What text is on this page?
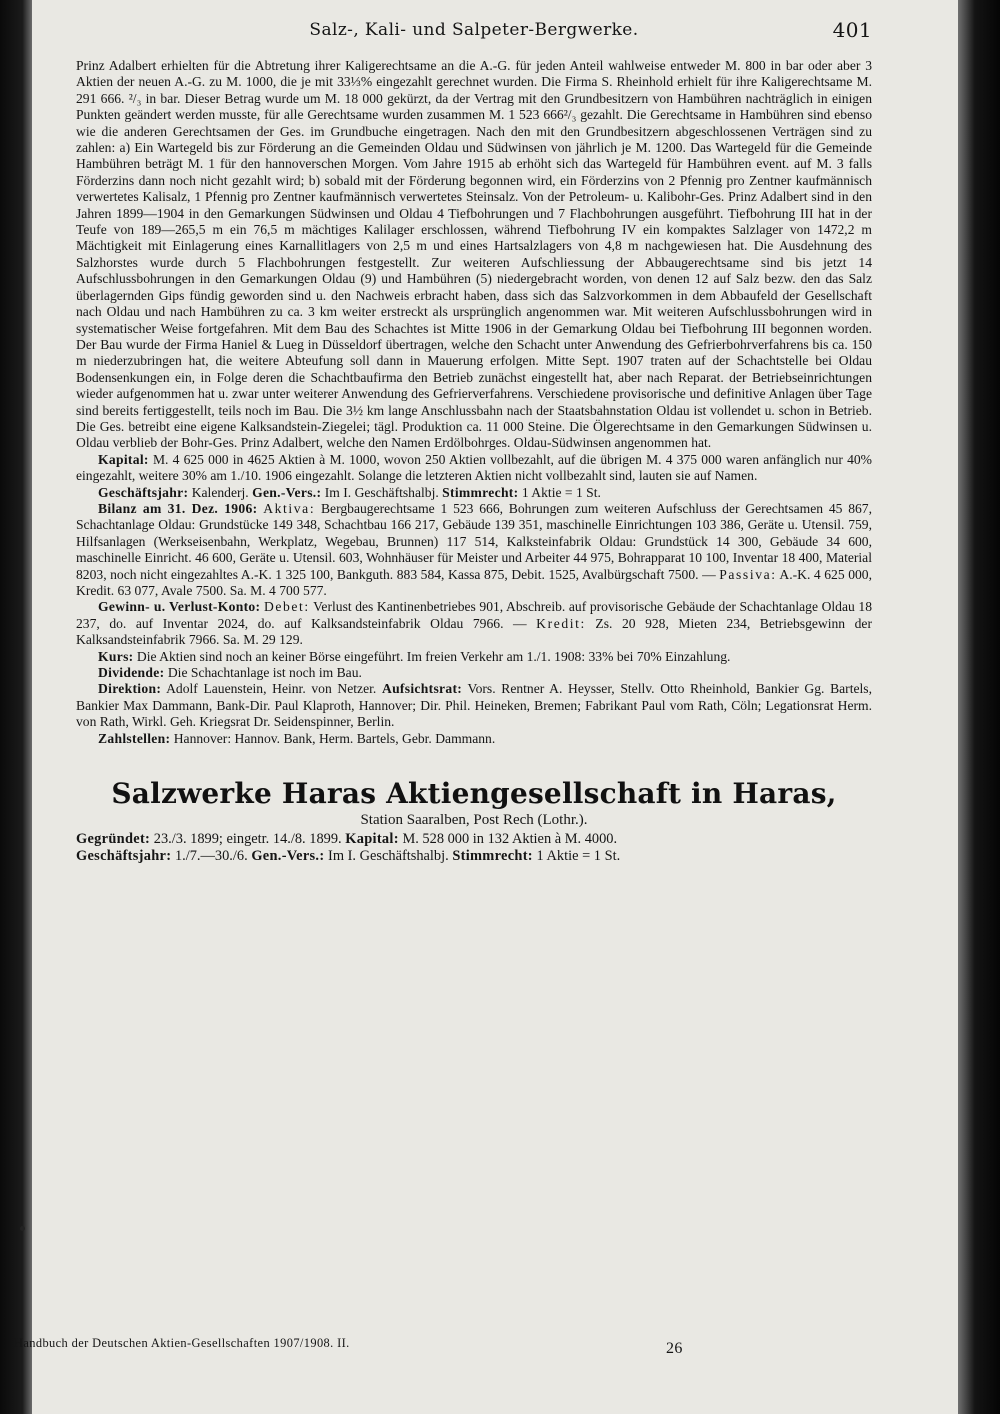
Salz-, Kali- und Salpeter-Bergwerke.	401

Prinz Adalbert erhielten für die Abtretung ihrer Kaligerechtsame an die A.-G. für jeden Anteil wahlweise entweder M. 800 in bar oder aber 3 Aktien der neuen A.-G. zu M. 1000, die je mit 33⅓% eingezahlt gerechnet wurden. Die Firma S. Rheinhold erhielt für ihre Kaligerechtsame M. 291 666. ²/₃ in bar. Dieser Betrag wurde um M. 18 000 gekürzt, da der Vertrag mit den Grundbesitzern von Hambühren nachträglich in einigen Punkten geändert werden musste, für alle Gerechtsame wurden zusammen M. 1 523 666²/₃ gezahlt. Die Gerechtsame in Hambühren sind ebenso wie die anderen Gerechtsamen der Ges. im Grundbuche eingetragen. Nach den mit den Grundbesitzern abgeschlossenen Verträgen sind zu zahlen: a) Ein Wartegeld bis zur Förderung an die Gemeinden Oldau und Südwinsen von jährlich je M. 1200. Das Wartegeld für die Gemeinde Hambühren beträgt M. 1 für den hannoverschen Morgen. Vom Jahre 1915 ab erhöht sich das Wartegeld für Hambühren event. auf M. 3 falls Förderzins dann noch nicht gezahlt wird; b) sobald mit der Förderung begonnen wird, ein Förderzins von 2 Pfennig pro Zentner kaufmännisch verwertetes Kalisalz, 1 Pfennig pro Zentner kaufmännisch verwertetes Steinsalz. Von der Petroleum- u. Kalibohr-Ges. Prinz Adalbert sind in den Jahren 1899—1904 in den Gemarkungen Südwinsen und Oldau 4 Tiefbohrungen und 7 Flachbohrungen ausgeführt. Tiefbohrung III hat in der Teufe von 189—265,5 m ein 76,5 m mächtiges Kalilager erschlossen, während Tiefbohrung IV ein kompaktes Salzlager von 1472,2 m Mächtigkeit mit Einlagerung eines Karnallitlagers von 2,5 m und eines Hartsalzlagers von 4,8 m nachgewiesen hat. Die Ausdehnung des Salzhorstes wurde durch 5 Flachbohrungen festgestellt. Zur weiteren Aufschliessung der Abbaugerechtsame sind bis jetzt 14 Aufschlussbohrungen in den Gemarkungen Oldau (9) und Hambühren (5) niedergebracht worden, von denen 12 auf Salz bezw. den das Salz überlagernden Gips fündig geworden sind u. den Nachweis erbracht haben, dass sich das Salzvorkommen in dem Abbaufeld der Gesellschaft nach Oldau und nach Hambühren zu ca. 3 km weiter erstreckt als ursprünglich angenommen war. Mit weiteren Aufschlussbohrungen wird in systematischer Weise fortgefahren. Mit dem Bau des Schachtes ist Mitte 1906 in der Gemarkung Oldau bei Tiefbohrung III begonnen worden. Der Bau wurde der Firma Haniel & Lueg in Düsseldorf übertragen, welche den Schacht unter Anwendung des Gefrierbohrverfahrens bis ca. 150 m niederzubringen hat, die weitere Abteufung soll dann in Mauerung erfolgen. Mitte Sept. 1907 traten auf der Schachtstelle bei Oldau Bodensenkungen ein, in Folge deren die Schachtbaufirma den Betrieb zunächst eingestellt hat, aber nach Reparat. der Betriebseinrichtungen wieder aufgenommen hat u. zwar unter weiterer Anwendung des Gefrierverfahrens. Verschiedene provisorische und definitive Anlagen über Tage sind bereits fertiggestellt, teils noch im Bau. Die 3½ km lange Anschlussbahn nach der Staatsbahnstation Oldau ist vollendet u. schon in Betrieb. Die Ges. betreibt eine eigene Kalksandstein-Ziegelei; tägl. Produktion ca. 11 000 Steine. Die Ölgerechtsame in den Gemarkungen Südwinsen u. Oldau verblieb der Bohr-Ges. Prinz Adalbert, welche den Namen Erdölbohrges. Oldau-Südwinsen angenommen hat.

Kapital: M. 4 625 000 in 4625 Aktien à M. 1000, wovon 250 Aktien vollbezahlt, auf die übrigen M. 4 375 000 waren anfänglich nur 40% eingezahlt, weitere 30% am 1./10. 1906 eingezahlt. Solange die letzteren Aktien nicht vollbezahlt sind, lauten sie auf Namen.

Geschäftsjahr: Kalenderj. Gen.-Vers.: Im I. Geschäftshalbj. Stimmrecht: 1 Aktie = 1 St.

Bilanz am 31. Dez. 1906: Aktiva: Bergbaugerechtsame 1 523 666, Bohrungen zum weiteren Aufschluss der Gerechtsamen 45 867, Schachtanlage Oldau: Grundstücke 149 348, Schachtbau 166 217, Gebäude 139 351, maschinelle Einrichtungen 103 386, Geräte u. Utensil. 759, Hilfsanlagen (Werkseisenbahn, Werkplatz, Wegebau, Brunnen) 117 514, Kalksteinfabrik Oldau: Grundstück 14 300, Gebäude 34 600, maschinelle Einricht. 46 600, Geräte u. Utensil. 603, Wohnhäuser für Meister und Arbeiter 44 975, Bohrapparat 10 100, Inventar 18 400, Material 8203, noch nicht eingezahltes A.-K. 1 325 100, Bankguth. 883 584, Kassa 875, Debit. 1525, Avalbürgschaft 7500. — Passiva: A.-K. 4 625 000, Kredit. 63 077, Avale 7500. Sa. M. 4 700 577.

Gewinn- u. Verlust-Konto: Debet: Verlust des Kantinenbetriebes 901, Abschreib. auf provisorische Gebäude der Schachtanlage Oldau 18 237, do. auf Inventar 2024, do. auf Kalksandsteinfabrik Oldau 7966. — Kredit: Zs. 20 928, Mieten 234, Betriebsgewinn der Kalksandsteinfabrik 7966. Sa. M. 29 129.

Kurs: Die Aktien sind noch an keiner Börse eingeführt. Im freien Verkehr am 1./1. 1908: 33% bei 70% Einzahlung.

Dividende: Die Schachtanlage ist noch im Bau.

Direktion: Adolf Lauenstein, Heinr. von Netzer. Aufsichtsrat: Vors. Rentner A. Heysser, Stellv. Otto Rheinhold, Bankier Gg. Bartels, Bankier Max Dammann, Bank-Dir. Paul Klaproth, Hannover; Dir. Phil. Heineken, Bremen; Fabrikant Paul vom Rath, Cöln; Legationsrat Herm. von Rath, Wirkl. Geh. Kriegsrat Dr. Seidenspinner, Berlin.

Zahlstellen: Hannover: Hannov. Bank, Herm. Bartels, Gebr. Dammann.

Salzwerke Haras Aktiengesellschaft in Haras,
Station Saaralben, Post Rech (Lothr.).
Gegründet: 23./3. 1899; eingetr. 14./8. 1899. Kapital: M. 528 000 in 132 Aktien à M. 4000.
Geschäftsjahr: 1./7.—30./6. Gen.-Vers.: Im I. Geschäftshalbj. Stimmrecht: 1 Aktie = 1 St.
Handbuch der Deutschen Aktien-Gesellschaften 1907/1908. II.	26
